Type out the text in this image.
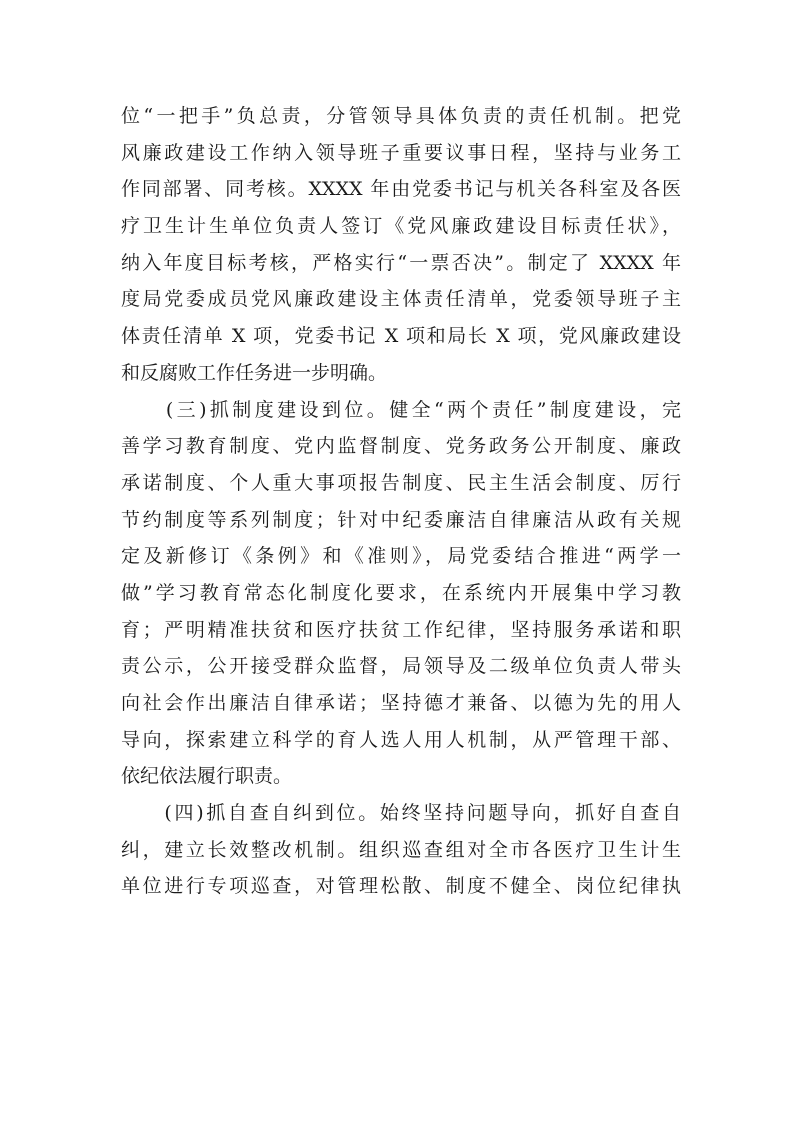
位“一把手”负总责，分管领导具体负责的责任机制。把党
风廉政建设工作纳入领导班子重要议事日程，坚持与业务工
作同部署、同考核。XXXX 年由党委书记与机关各科室及各医
疗卫生计生单位负责人签订《党风廉政建设目标责任状》，
纳入年度目标考核，严格实行“一票否决”。制定了 XXXX 年
度局党委成员党风廉政建设主体责任清单，党委领导班子主
体责任清单 X 项，党委书记 X 项和局长 X 项，党风廉政建设
和反腐败工作任务进一步明确。
　　(三)抓制度建设到位。健全“两个责任”制度建设，完
善学习教育制度、党内监督制度、党务政务公开制度、廉政
承诺制度、个人重大事项报告制度、民主生活会制度、厉行
节约制度等系列制度；针对中纪委廉洁自律廉洁从政有关规
定及新修订《条例》和《准则》，局党委结合推进“两学一
做”学习教育常态化制度化要求，在系统内开展集中学习教
育；严明精准扶贫和医疗扶贫工作纪律，坚持服务承诺和职
责公示，公开接受群众监督，局领导及二级单位负责人带头
向社会作出廉洁自律承诺；坚持德才兼备、以德为先的用人
导向，探索建立科学的育人选人用人机制，从严管理干部、
依纪依法履行职责。
　　(四)抓自查自纠到位。始终坚持问题导向，抓好自查自
纠，建立长效整改机制。组织巡查组对全市各医疗卫生计生
单位进行专项巡查，对管理松散、制度不健全、岗位纪律执
